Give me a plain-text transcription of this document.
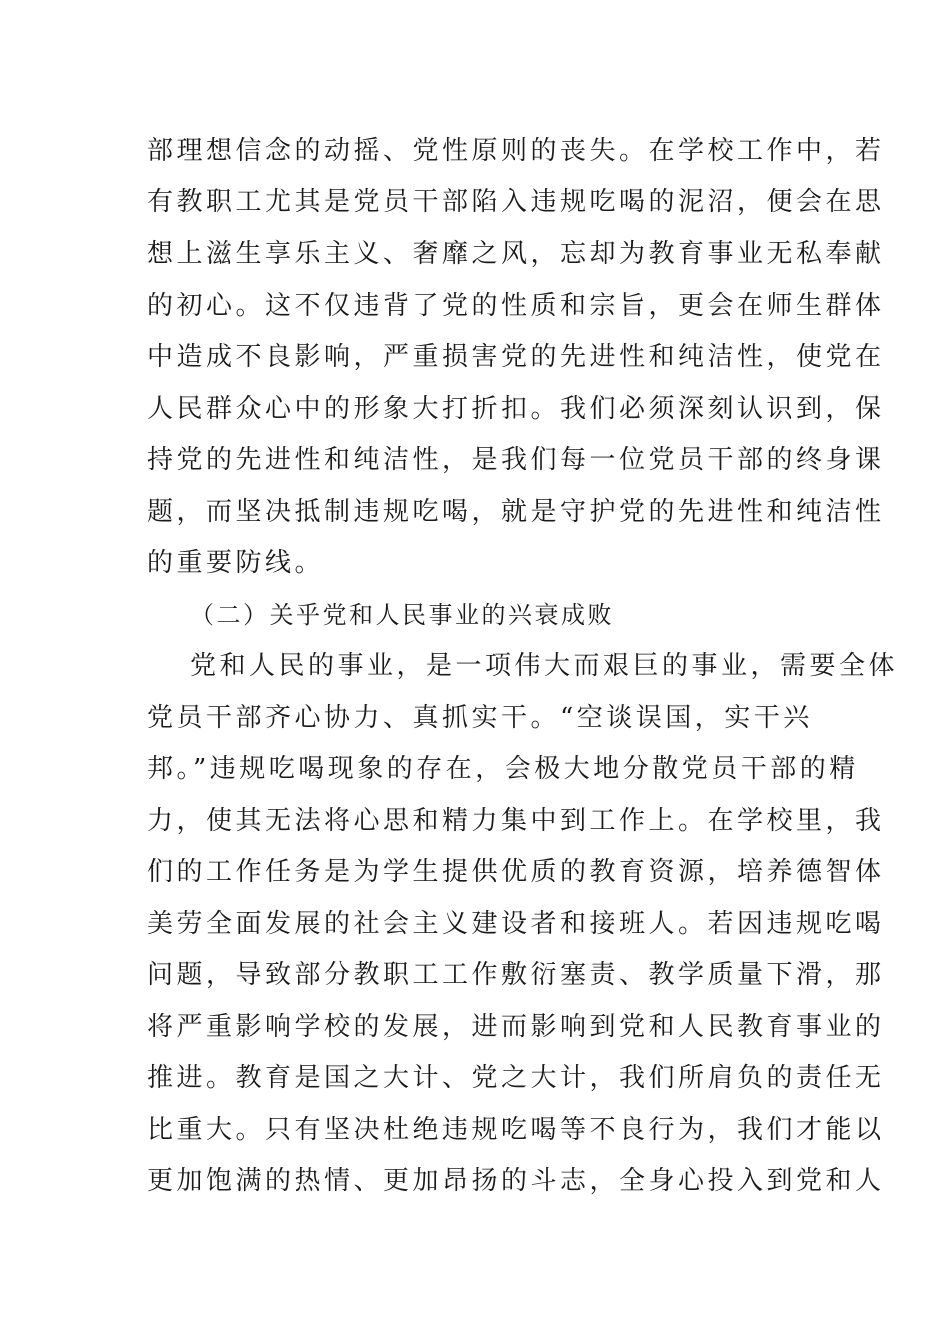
部理想信念的动摇、党性原则的丧失。在学校工作中，若
有教职工尤其是党员干部陷入违规吃喝的泥沼，便会在思
想上滋生享乐主义、奢靡之风，忘却为教育事业无私奉献
的初心。这不仅违背了党的性质和宗旨，更会在师生群体
中造成不良影响，严重损害党的先进性和纯洁性，使党在
人民群众心中的形象大打折扣。我们必须深刻认识到，保
持党的先进性和纯洁性，是我们每一位党员干部的终身课
题，而坚决抵制违规吃喝，就是守护党的先进性和纯洁性
的重要防线。
（二）关乎党和人民事业的兴衰成败
党和人民的事业，是一项伟大而艰巨的事业，需要全体
党员干部齐心协力、真抓实干。“空谈误国，实干兴
邦。”违规吃喝现象的存在，会极大地分散党员干部的精
力，使其无法将心思和精力集中到工作上。在学校里，我
们的工作任务是为学生提供优质的教育资源，培养德智体
美劳全面发展的社会主义建设者和接班人。若因违规吃喝
问题，导致部分教职工工作敷衍塞责、教学质量下滑，那
将严重影响学校的发展，进而影响到党和人民教育事业的
推进。教育是国之大计、党之大计，我们所肩负的责任无
比重大。只有坚决杜绝违规吃喝等不良行为，我们才能以
更加饱满的热情、更加昂扬的斗志，全身心投入到党和人
